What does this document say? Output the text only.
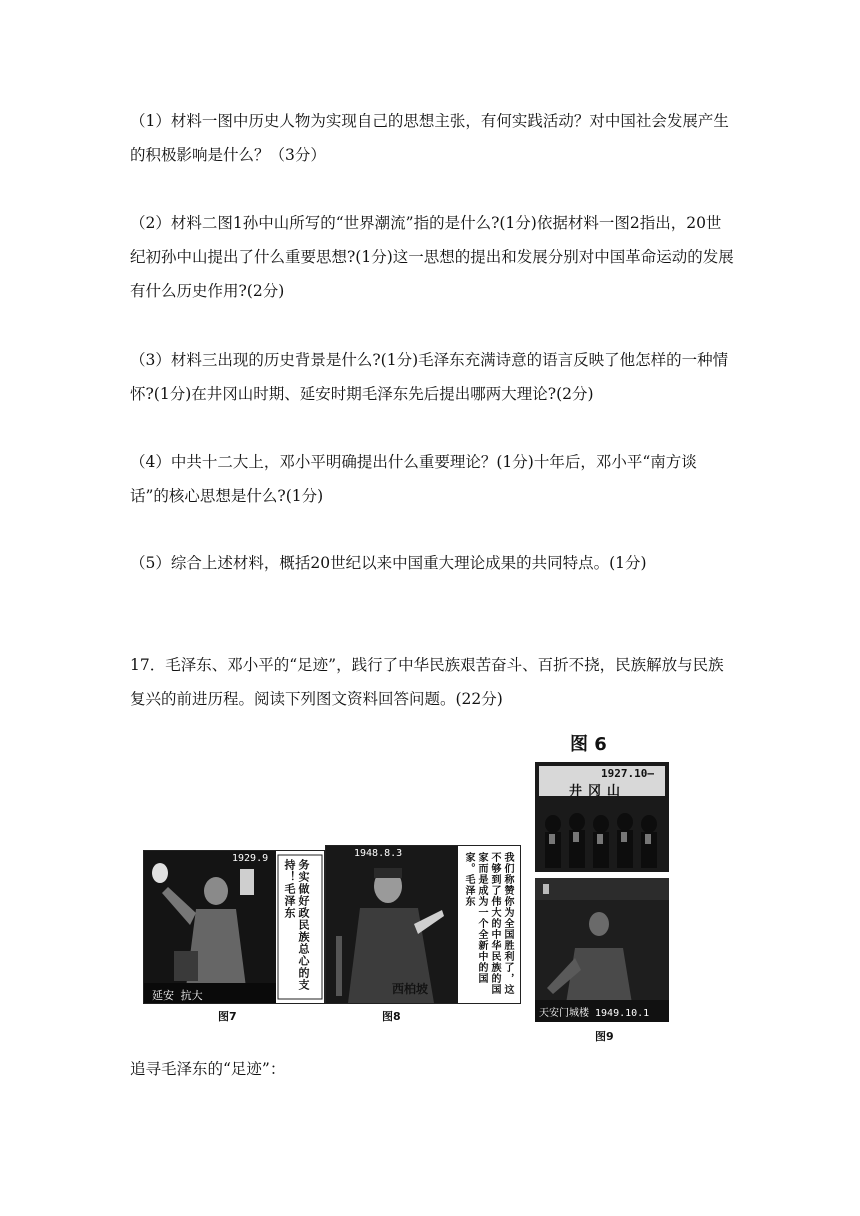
（1）材料一图中历史人物为实现自己的思想主张，有何实践活动？对中国社会发展产生的积极影响是什么？（3分）

（2）材料二图1孙中山所写的“世界潮流”指的是什么?(1分)依据材料一图2指出，20世纪初孙中山提出了什么重要思想?(1分)这一思想的提出和发展分别对中国革命运动的发展有什么历史作用?(2分)

（3）材料三出现的历史背景是什么?(1分)毛泽东充满诗意的语言反映了他怎样的一种情怀?(1分)在井冈山时期、延安时期毛泽东先后提出哪两大理论?(2分)

（4）中共十二大上，邓小平明确提出什么重要理论？(1分)十年后，邓小平“南方谈话”的核心思想是什么?(1分)

（5）综合上述材料，概括20世纪以来中国重大理论成果的共同特点。(1分)

17．毛泽东、邓小平的“足迹”，践行了中华民族艰苦奋斗、百折不挠，民族解放与民族复兴的前进历程。阅读下列图文资料回答问题。(22分)

图 6
1927.10—
井冈山
天安门城楼 1949.10.1
图9
1929.9
延安 抗大
务实做好政民族总心的支持！毛泽东
图7
1948.8.3
西柏坡	我们称赞你为全国胜利了，这不够到了伟大的中华民族的国家而是成为一个全新中的国家。毛泽东
图8

追寻毛泽东的“足迹”：
